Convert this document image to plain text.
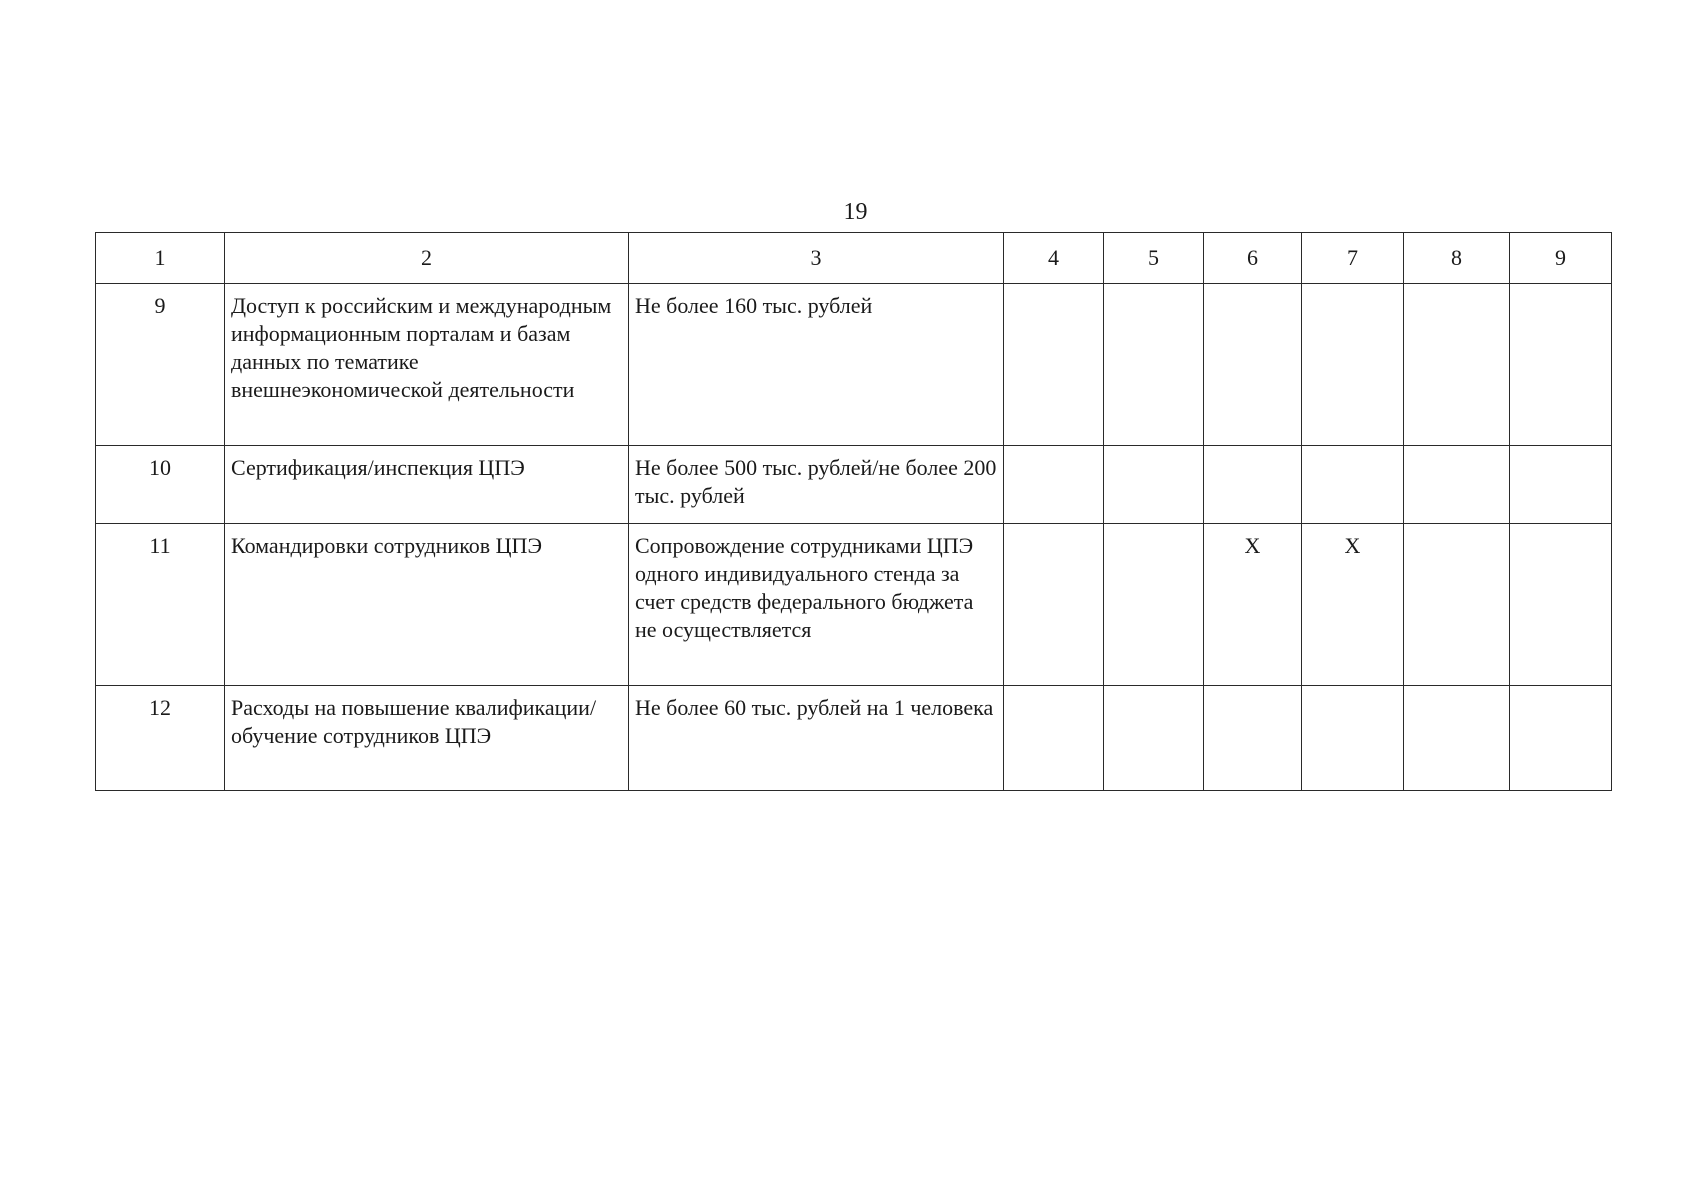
19
1	2	3	4	5	6	7	8	9
9	Доступ к российским и международным информационным порталам и базам данных по тематике внешнеэкономической деятельности	Не более 160 тыс. рублей						
10	Сертификация/инспекция ЦПЭ	Не более 500 тыс. рублей/не более 200 тыс. рублей						
11	Командировки сотрудников ЦПЭ	Сопровождение сотрудниками ЦПЭ одного индивидуального стенда за счет средств федерального бюджета не осуществляется			Х	Х		
12	Расходы на повышение квалификации/обучение сотрудников ЦПЭ	Не более 60 тыс. рублей на 1 человека						
